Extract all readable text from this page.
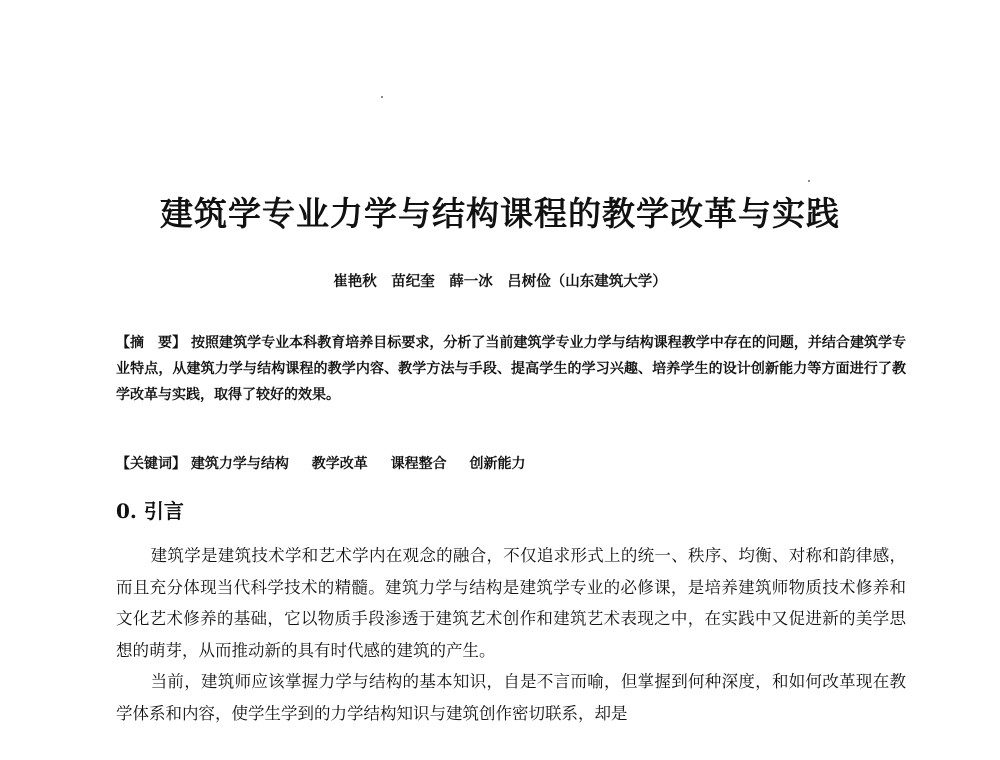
建筑学专业力学与结构课程的教学改革与实践
崔艳秋　苗纪奎　薛一冰　吕树俭（山东建筑大学）
【摘　要】 按照建筑学专业本科教育培养目标要求，分析了当前建筑学专业力学与结构课程教学中存在的问题，并结合建筑学专业特点，从建筑力学与结构课程的教学内容、教学方法与手段、提高学生的学习兴趣、培养学生的设计创新能力等方面进行了教学改革与实践，取得了较好的效果。
【关键词】 建筑力学与结构 教学改革 课程整合 创新能力
0. 引言

建筑学是建筑技术学和艺术学内在观念的融合，不仅追求形式上的统一、秩序、均衡、对称和韵律感，而且充分体现当代科学技术的精髓。建筑力学与结构是建筑学专业的必修课，是培养建筑师物质技术修养和文化艺术修养的基础，它以物质手段渗透于建筑艺术创作和建筑艺术表现之中，在实践中又促进新的美学思想的萌芽，从而推动新的具有时代感的建筑的产生。

当前，建筑师应该掌握力学与结构的基本知识，自是不言而喻，但掌握到何种深度，和如何改革现在教学体系和内容，使学生学到的力学结构知识与建筑创作密切联系，却是
